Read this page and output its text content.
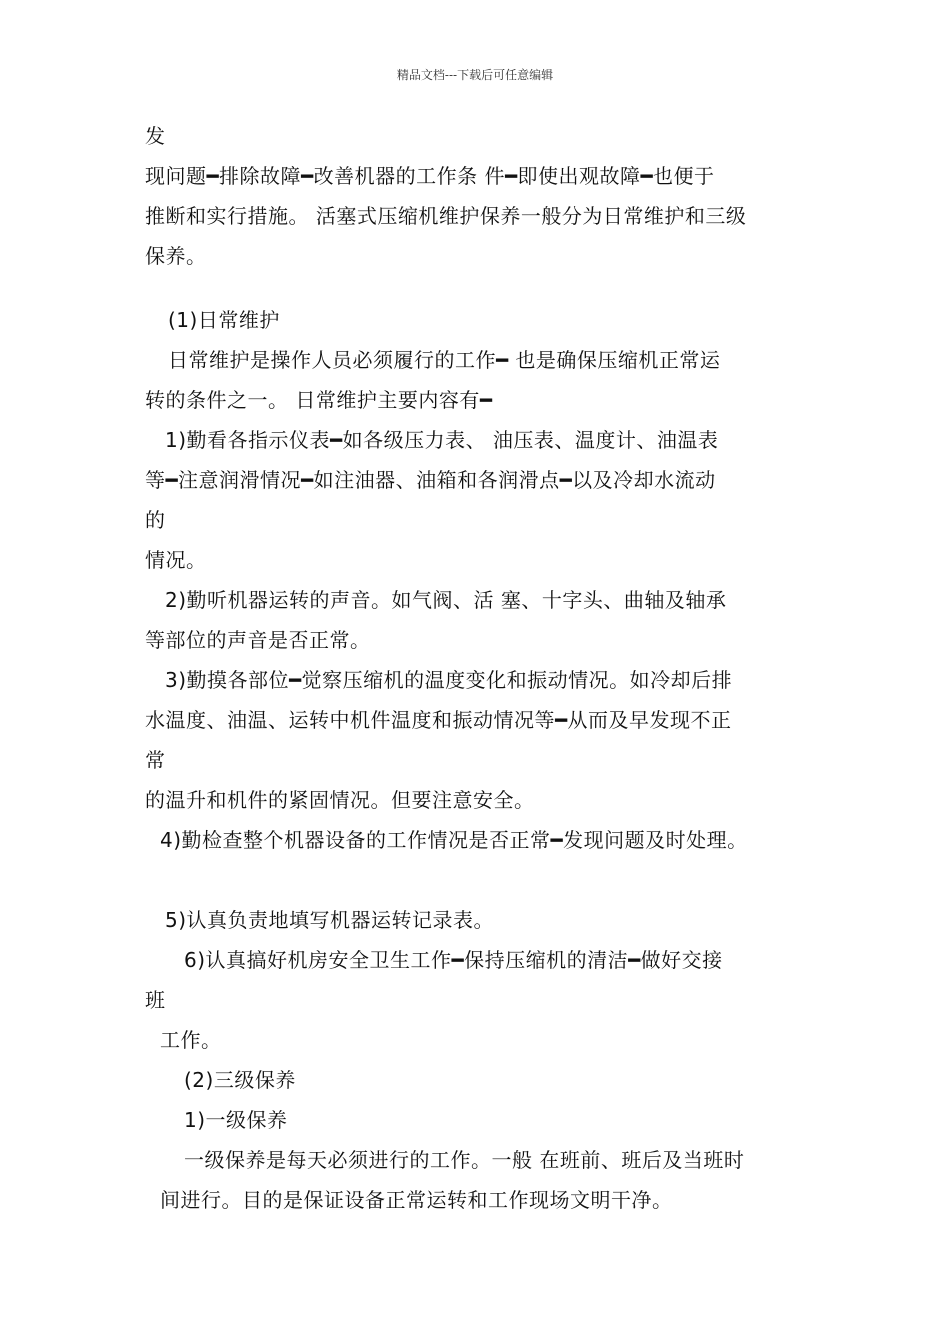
精品文档---下载后可任意编辑
发
现问题━排除故障━改善机器的工作条 件━即使出观故障━也便于
推断和实行措施。 活塞式压缩机维护保养一般分为日常维护和三级
保养。
(1)日常维护
日常维护是操作人员必须履行的工作━ 也是确保压缩机正常运
转的条件之一。 日常维护主要内容有━
1)勤看各指示仪表━如各级压力表、 油压表、温度计、油温表
等━注意润滑情况━如注油器、油箱和各润滑点━以及冷却水流动
的
情况。
2)勤听机器运转的声音。如气阀、活 塞、十字头、曲轴及轴承
等部位的声音是否正常。
3)勤摸各部位━觉察压缩机的温度变化和振动情况。如冷却后排
水温度、油温、运转中机件温度和振动情况等━从而及早发现不正
常
的温升和机件的紧固情况。但要注意安全。
4)勤检查整个机器设备的工作情况是否正常━发现问题及时处理。
5)认真负责地填写机器运转记录表。
6)认真搞好机房安全卫生工作━保持压缩机的清洁━做好交接
班
工作。
(2)三级保养
1)一级保养
一级保养是每天必须进行的工作。一般 在班前、班后及当班时
间进行。目的是保证设备正常运转和工作现场文明干净。
